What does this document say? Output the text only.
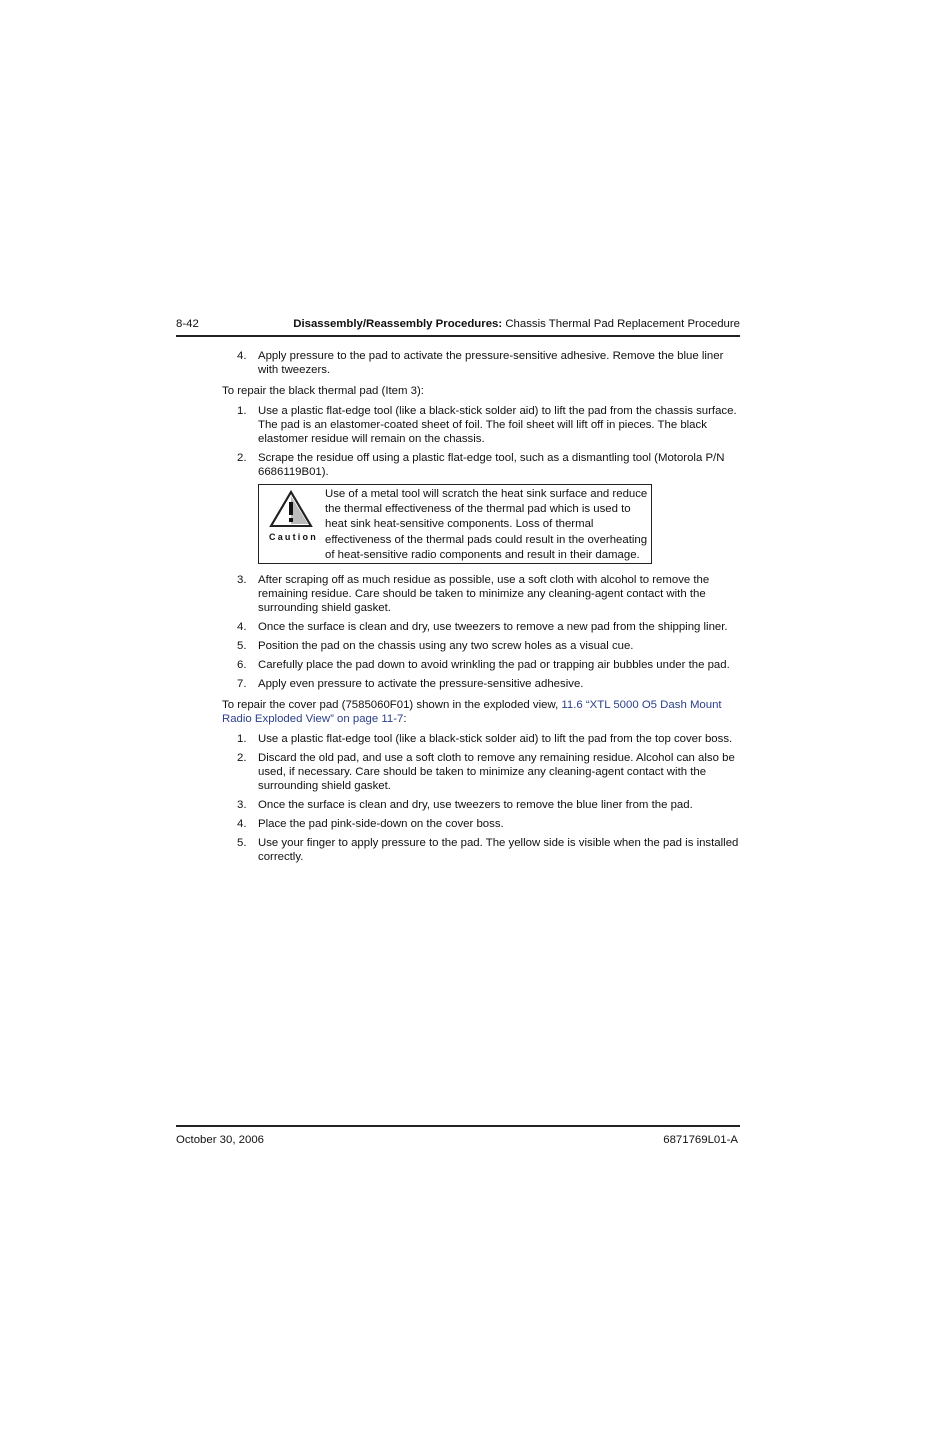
8-42	Disassembly/Reassembly Procedures: Chassis Thermal Pad Replacement Procedure
4. Apply pressure to the pad to activate the pressure-sensitive adhesive. Remove the blue liner with tweezers.
To repair the black thermal pad (Item 3):
1. Use a plastic flat-edge tool (like a black-stick solder aid) to lift the pad from the chassis surface. The pad is an elastomer-coated sheet of foil. The foil sheet will lift off in pieces. The black elastomer residue will remain on the chassis.
2. Scrape the residue off using a plastic flat-edge tool, such as a dismantling tool (Motorola P/N 6686119B01).
Caution
Use of a metal tool will scratch the heat sink surface and reduce the thermal effectiveness of the thermal pad which is used to heat sink heat-sensitive components. Loss of thermal effectiveness of the thermal pads could result in the overheating of heat-sensitive radio components and result in their damage.
3. After scraping off as much residue as possible, use a soft cloth with alcohol to remove the remaining residue. Care should be taken to minimize any cleaning-agent contact with the surrounding shield gasket.
4. Once the surface is clean and dry, use tweezers to remove a new pad from the shipping liner.
5. Position the pad on the chassis using any two screw holes as a visual cue.
6. Carefully place the pad down to avoid wrinkling the pad or trapping air bubbles under the pad.
7. Apply even pressure to activate the pressure-sensitive adhesive.
To repair the cover pad (7585060F01) shown in the exploded view, 11.6 “XTL 5000 O5 Dash Mount Radio Exploded View” on page 11-7:
1. Use a plastic flat-edge tool (like a black-stick solder aid) to lift the pad from the top cover boss.
2. Discard the old pad, and use a soft cloth to remove any remaining residue. Alcohol can also be used, if necessary. Care should be taken to minimize any cleaning-agent contact with the surrounding shield gasket.
3. Once the surface is clean and dry, use tweezers to remove the blue liner from the pad.
4. Place the pad pink-side-down on the cover boss.
5. Use your finger to apply pressure to the pad. The yellow side is visible when the pad is installed correctly.
October 30, 2006	6871769L01-A
